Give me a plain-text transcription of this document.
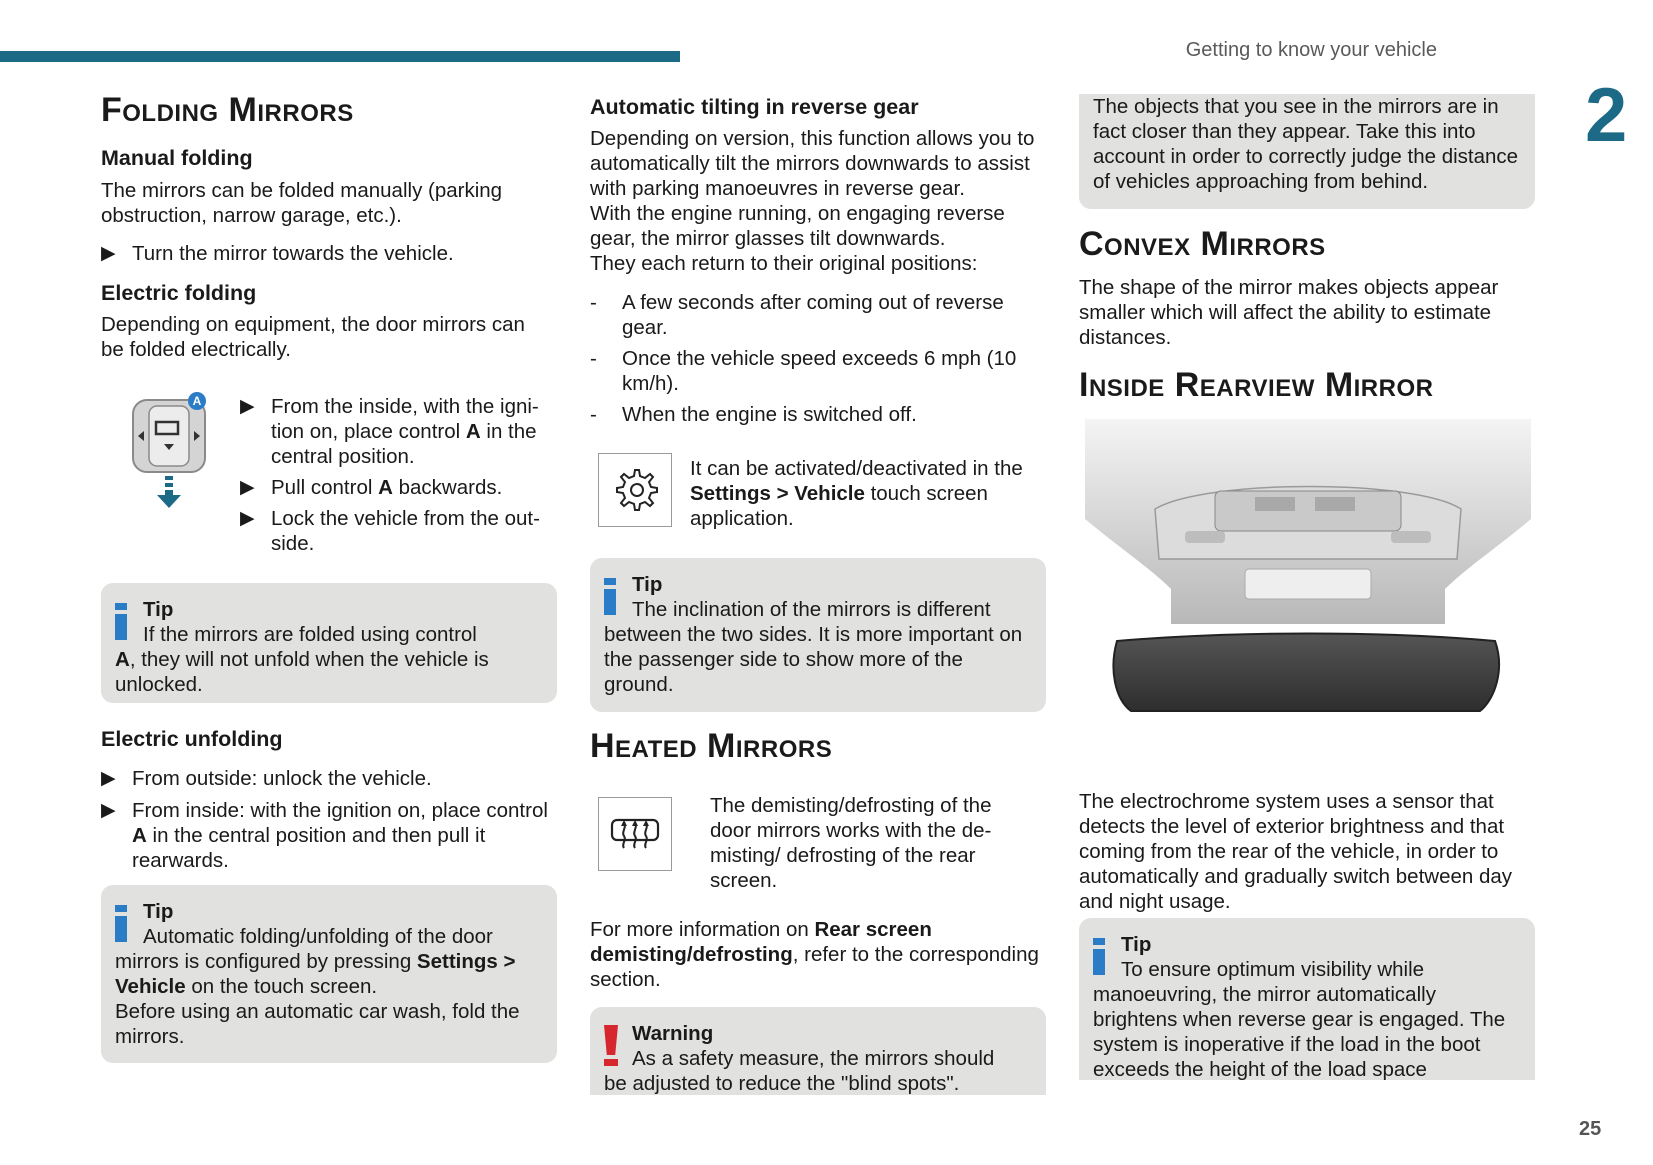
Getting to know your vehicle
2
25
Folding Mirrors
Manual folding

The mirrors can be folded manually (parking obstruction, narrow garage, etc.).

▶ Turn the mirror towards the vehicle.
Electric folding

Depending on equipment, the door mirrors can be folded electrically.

A ▶ From the inside, with the igni-tion on, place control A in the central position.
▶ Pull control A backwards.
▶ Lock the vehicle from the out-side.
Tip
If the mirrors are folded using control
A, they will not unfold when the vehicle is unlocked.
Electric unfolding
▶ From outside: unlock the vehicle.
▶ From inside: with the ignition on, place control A in the central position and then pull it rearwards.
Tip
Automatic folding/unfolding of the door
mirrors is configured by pressing Settings > Vehicle on the touch screen.
Before using an automatic car wash, fold the mirrors.
Automatic tilting in reverse gear

Depending on version, this function allows you to automatically tilt the mirrors downwards to assist with parking manoeuvres in reverse gear.

With the engine running, on engaging reverse gear, the mirror glasses tilt downwards.

They each return to their original positions:

-	A few seconds after coming out of reverse gear.
-	Once the vehicle speed exceeds 6 mph (10 km/h).
-	When the engine is switched off.

It can be activated/deactivated in the Settings > Vehicle touch screen application.

Tip
The inclination of the mirrors is different
between the two sides. It is more important on the passenger side to show more of the ground.
Heated Mirrors

The demisting/defrosting of the door mirrors works with the de-misting/ defrosting of the rear screen.

For more information on Rear screen demisting/defrosting, refer to the corresponding section.

Warning
As a safety measure, the mirrors should
be adjusted to reduce the "blind spots".
The objects that you see in the mirrors are in fact closer than they appear. Take this into account in order to correctly judge the distance of vehicles approaching from behind.
Convex Mirrors

The shape of the mirror makes objects appear smaller which will affect the ability to estimate distances.

Inside Rearview Mirror

The electrochrome system uses a sensor that detects the level of exterior brightness and that coming from the rear of the vehicle, in order to automatically and gradually switch between day and night usage.

Tip
To ensure optimum visibility while
manoeuvring, the mirror automatically brightens when reverse gear is engaged. The system is inoperative if the load in the boot exceeds the height of the load space
